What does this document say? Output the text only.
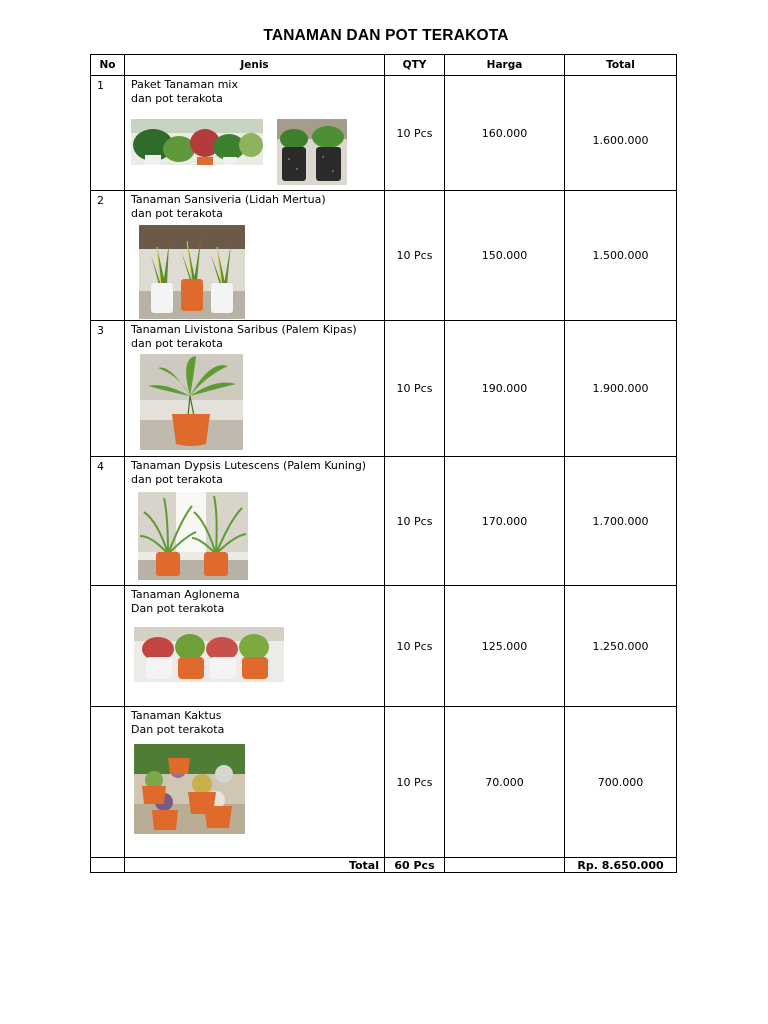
TANAMAN DAN POT TERAKOTA
No	Jenis	QTY	Harga	Total
1	Paket Tanaman mix
dan pot terakota	10 Pcs	160.000	1.600.000
2	Tanaman Sansiveria (Lidah Mertua)
dan pot terakota	10 Pcs	150.000	1.500.000
3	Tanaman Livistona Saribus (Palem Kipas)
dan pot terakota	10 Pcs	190.000	1.900.000
4	Tanaman Dypsis Lutescens (Palem Kuning)
dan pot terakota	10 Pcs	170.000	1.700.000

	Tanaman Aglonema
Dan pot terakota	10 Pcs	125.000	1.250.000

	Tanaman Kaktus
Dan pot terakota	10 Pcs	70.000	700.000
	Total	60 Pcs		Rp. 8.650.000
